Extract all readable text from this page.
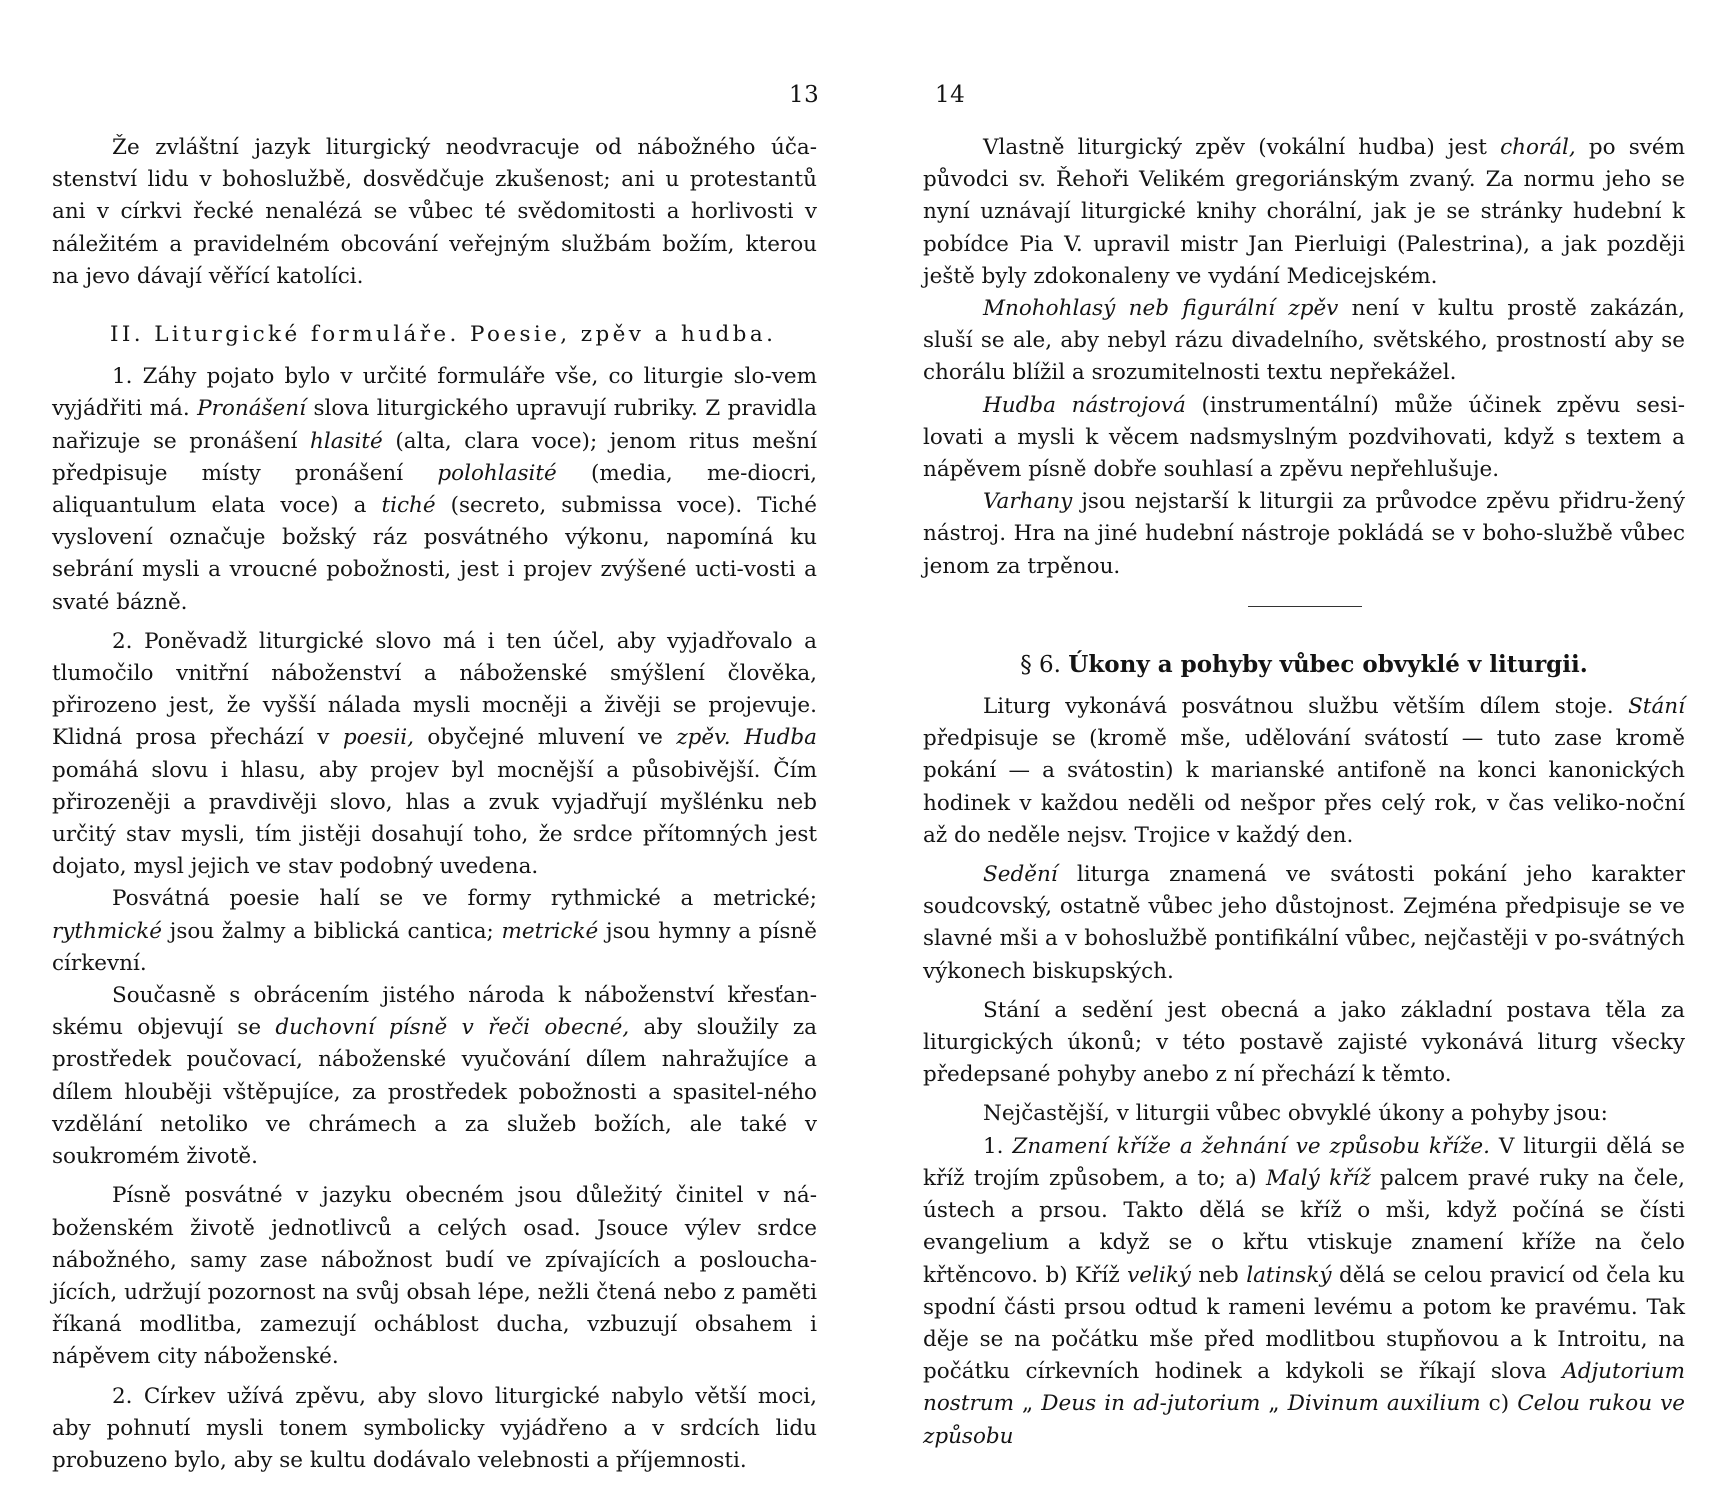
13

Že zvláštní jazyk liturgický neodvracuje od nábožného úča-stenství lidu v bohoslužbě, dosvědčuje zkušenost; ani u protestantů ani v církvi řecké nenalézá se vůbec té svědomitosti a horlivosti v náležitém a pravidelném obcování veřejným službám božím, kterou na jevo dávají věřící katolíci.

II. Liturgické formuláře. Poesie, zpěv a hudba.

1. Záhy pojato bylo v určité formuláře vše, co liturgie slo-vem vyjádřiti má. Pronášení slova liturgického upravují rubriky. Z pravidla nařizuje se pronášení hlasité (alta, clara voce); jenom ritus mešní předpisuje místy pronášení polohlasité (media, me-diocri, aliquantulum elata voce) a tiché (secreto, submissa voce). Tiché vyslovení označuje božský ráz posvátného výkonu, napomíná ku sebrání mysli a vroucné pobožnosti, jest i projev zvýšené ucti-vosti a svaté bázně.

2. Poněvadž liturgické slovo má i ten účel, aby vyjadřovalo a tlumočilo vnitřní náboženství a náboženské smýšlení člověka, přirozeno jest, že vyšší nálada mysli mocněji a živěji se projevuje. Klidná prosa přechází v poesii, obyčejné mluvení ve zpěv. Hudba pomáhá slovu i hlasu, aby projev byl mocnější a působivější. Čím přirozeněji a pravdivěji slovo, hlas a zvuk vyjadřují myšlénku neb určitý stav mysli, tím jistěji dosahují toho, že srdce přítomných jest dojato, mysl jejich ve stav podobný uvedena.

Posvátná poesie halí se ve formy rythmické a metrické; rythmické jsou žalmy a biblická cantica; metrické jsou hymny a písně církevní.

Současně s obrácením jistého národa k náboženství křesťan-skému objevují se duchovní písně v řeči obecné, aby sloužily za prostředek poučovací, náboženské vyučování dílem nahražujíce a dílem hlouběji vštěpujíce, za prostředek pobožnosti a spasitel-ného vzdělání netoliko ve chrámech a za služeb božích, ale také v soukromém životě.

Písně posvátné v jazyku obecném jsou důležitý činitel v ná-boženském životě jednotlivců a celých osad. Jsouce výlev srdce nábožného, samy zase nábožnost budí ve zpívajících a posloucha-jících, udržují pozornost na svůj obsah lépe, nežli čtená nebo z paměti říkaná modlitba, zamezují ocháblost ducha, vzbuzují obsahem i nápěvem city náboženské.

2. Církev užívá zpěvu, aby slovo liturgické nabylo větší moci, aby pohnutí mysli tonem symbolicky vyjádřeno a v srdcích lidu probuzeno bylo, aby se kultu dodávalo velebnosti a příjemnosti.

14

Vlastně liturgický zpěv (vokální hudba) jest chorál, po svém původci sv. Řehoři Velikém gregoriánským zvaný. Za normu jeho se nyní uznávají liturgické knihy chorální, jak je se stránky hudební k pobídce Pia V. upravil mistr Jan Pierluigi (Palestrina), a jak později ještě byly zdokonaleny ve vydání Medicejském.

Mnohohlasý neb figurální zpěv není v kultu prostě zakázán, sluší se ale, aby nebyl rázu divadelního, světského, prostností aby se chorálu blížil a srozumitelnosti textu nepřekážel.

Hudba nástrojová (instrumentální) může účinek zpěvu sesi-lovati a mysli k věcem nadsmyslným pozdvihovati, když s textem a nápěvem písně dobře souhlasí a zpěvu nepřehlušuje.

Varhany jsou nejstarší k liturgii za průvodce zpěvu přidru-žený nástroj. Hra na jiné hudební nástroje pokládá se v boho-službě vůbec jenom za trpěnou.

§ 6. Úkony a pohyby vůbec obvyklé v liturgii.

Liturg vykonává posvátnou službu větším dílem stoje. Stání předpisuje se (kromě mše, udělování svátostí — tuto zase kromě pokání — a svátostin) k marianské antifoně na konci kanonických hodinek v každou neděli od nešpor přes celý rok, v čas veliko-noční až do neděle nejsv. Trojice v každý den.

Sedění liturga znamená ve svátosti pokání jeho karakter soudcovský, ostatně vůbec jeho důstojnost. Zejména předpisuje se ve slavné mši a v bohoslužbě pontifikální vůbec, nejčastěji v po-svátných výkonech biskupských.

Stání a sedění jest obecná a jako základní postava těla za liturgických úkonů; v této postavě zajisté vykonává liturg všecky předepsané pohyby anebo z ní přechází k těmto.

Nejčastější, v liturgii vůbec obvyklé úkony a pohyby jsou:

1. Znamení kříže a žehnání ve způsobu kříže. V liturgii dělá se kříž trojím způsobem, a to; a) Malý kříž palcem pravé ruky na čele, ústech a prsou. Takto dělá se kříž o mši, když počíná se čísti evangelium a když se o křtu vtiskuje znamení kříže na čelo křtěncovo. b) Kříž veliký neb latinský dělá se celou pravicí od čela ku spodní části prsou odtud k rameni levému a potom ke pravému. Tak děje se na počátku mše před modlitbou stupňovou a k Introitu, na počátku církevních hodinek a kdykoli se říkají slova Adjutorium nostrum „ Deus in ad-jutorium „ Divinum auxilium c) Celou rukou ve způsobu
